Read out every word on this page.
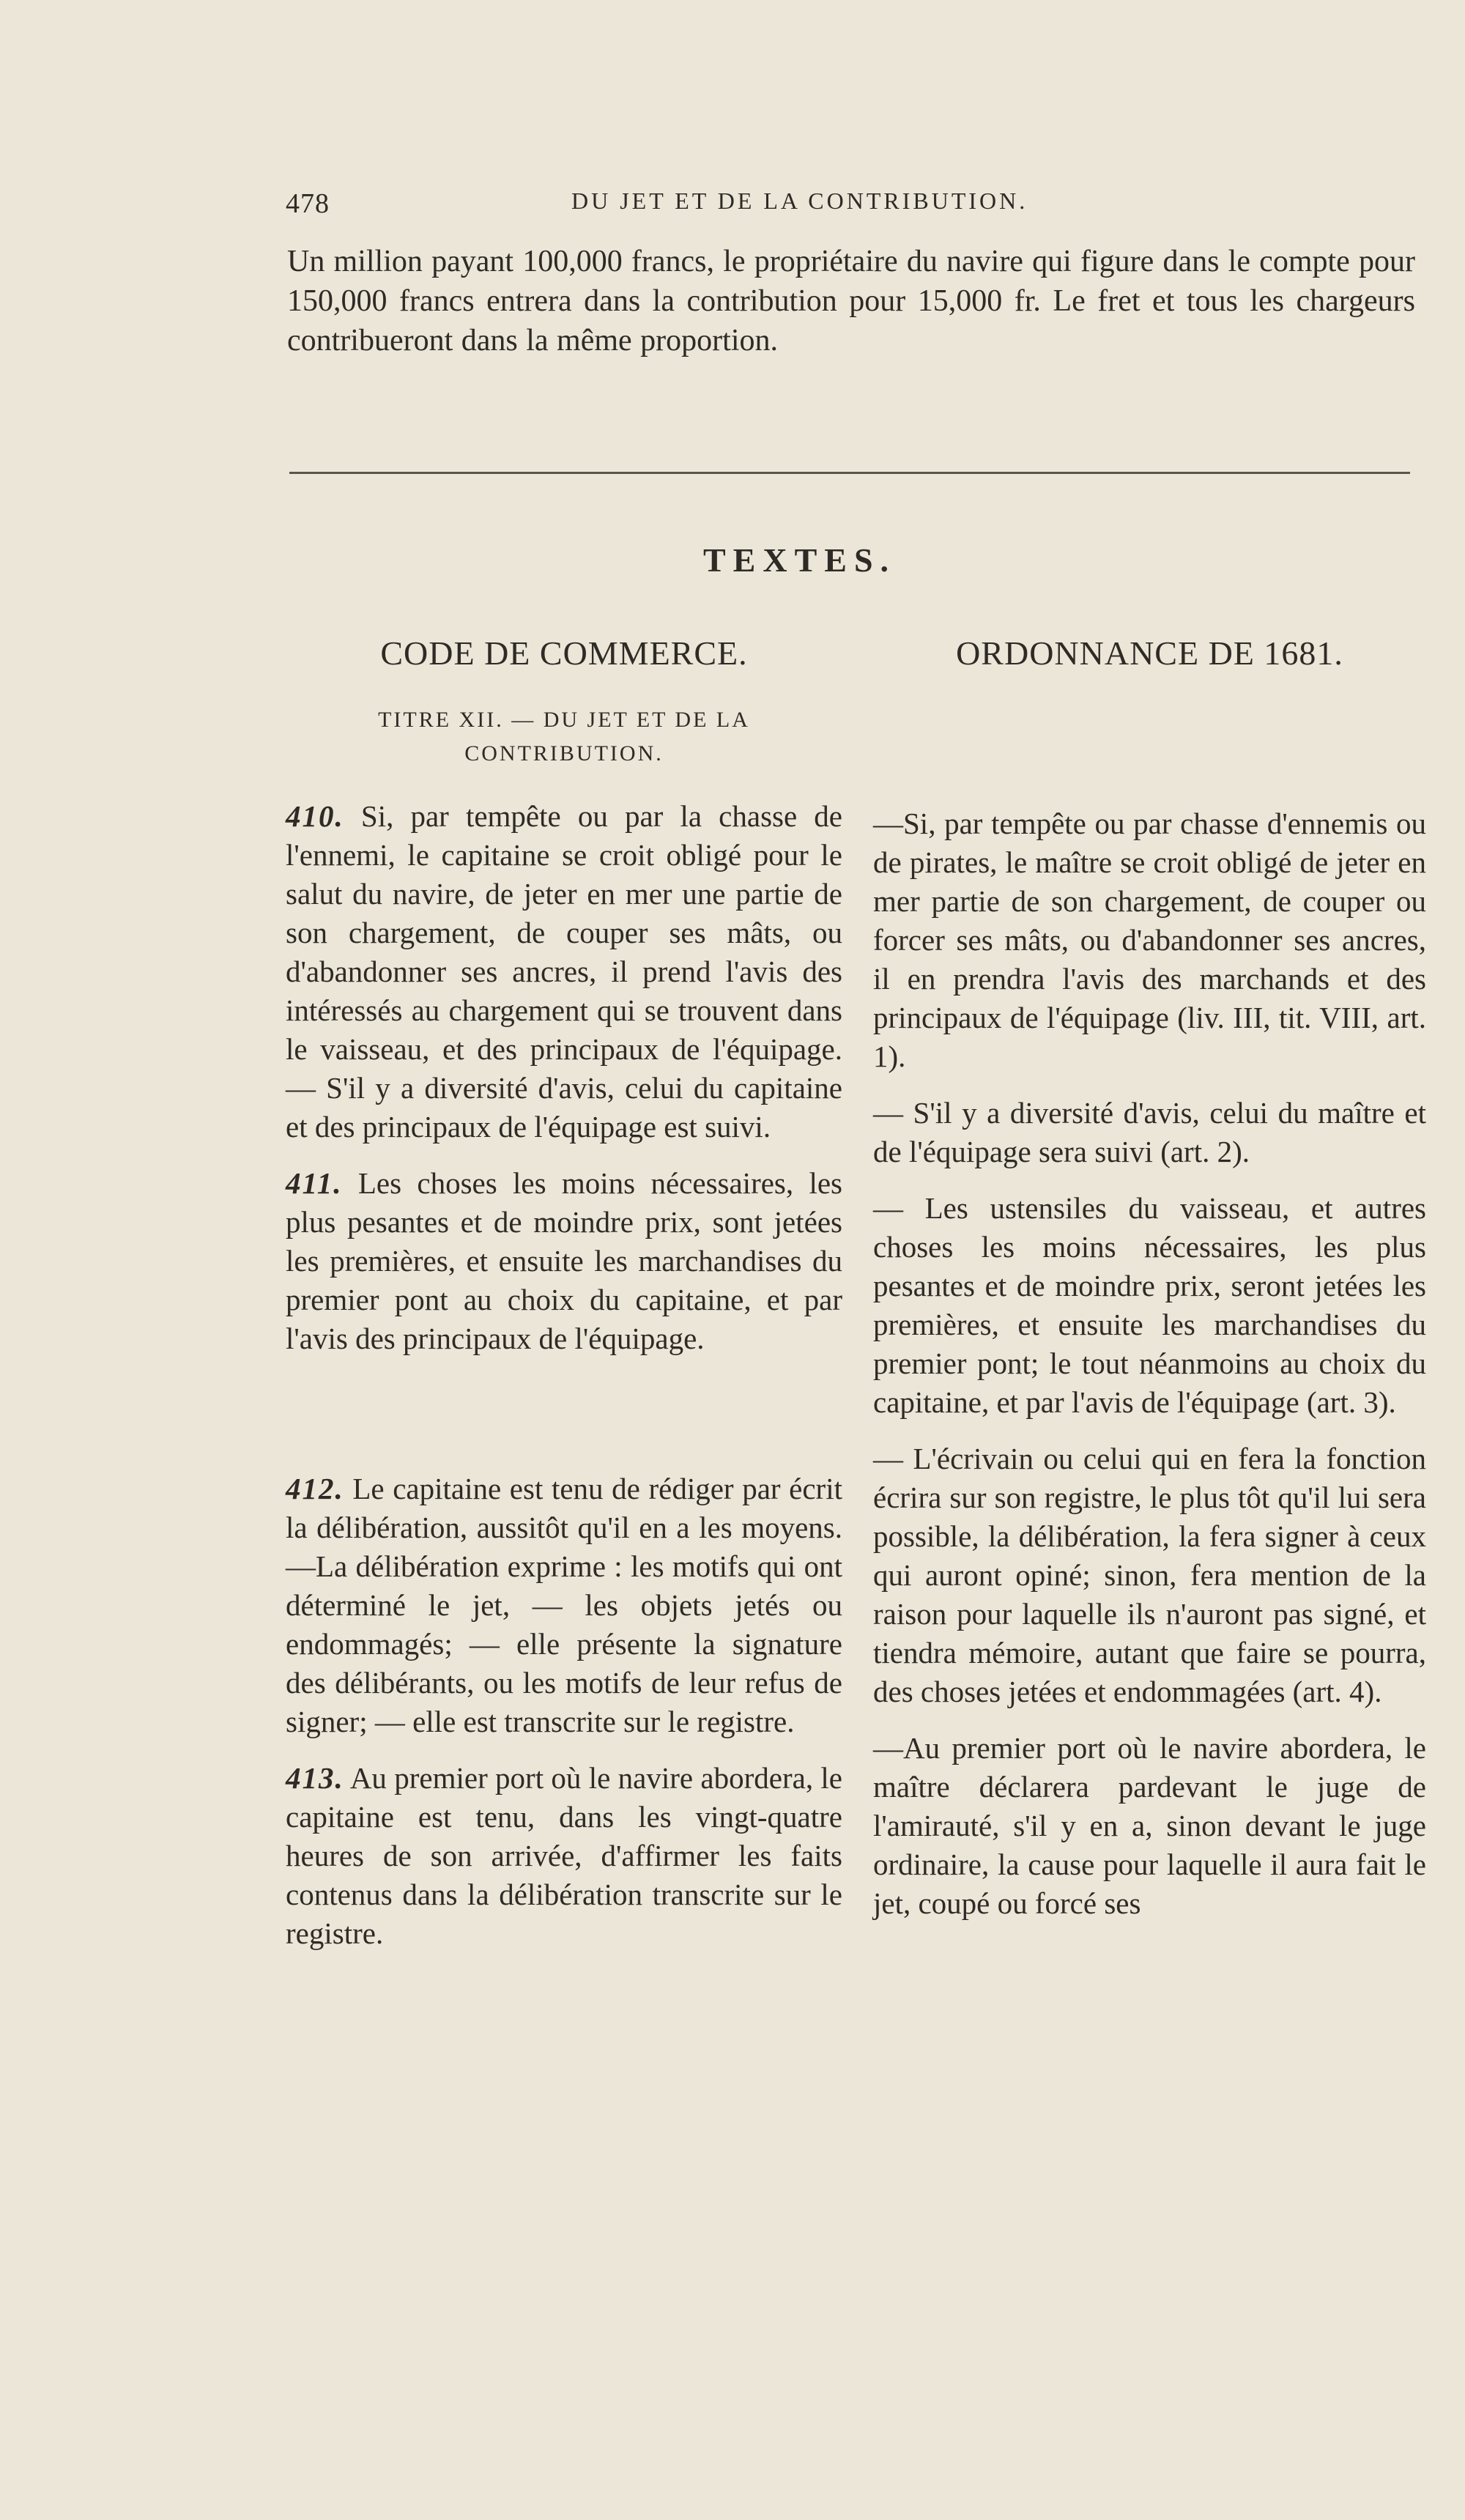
478	DU JET ET DE LA CONTRIBUTION.

Un million payant 100,000 francs, le propriétaire du navire qui figure dans le compte pour 150,000 francs entrera dans la contribution pour 15,000 fr. Le fret et tous les chargeurs contribueront dans la même proportion.

TEXTES.
CODE DE COMMERCE.
TITRE XII. — DU JET ET DE LA CONTRIBUTION.

410. Si, par tempête ou par la chasse de l'ennemi, le capitaine se croit obligé pour le salut du navire, de jeter en mer une partie de son chargement, de couper ses mâts, ou d'abandonner ses ancres, il prend l'avis des intéressés au chargement qui se trouvent dans le vaisseau, et des principaux de l'équipage. — S'il y a diversité d'avis, celui du capitaine et des principaux de l'équipage est suivi.

411. Les choses les moins nécessaires, les plus pesantes et de moindre prix, sont jetées les premières, et ensuite les marchandises du premier pont au choix du capitaine, et par l'avis des principaux de l'équipage.

412. Le capitaine est tenu de rédiger par écrit la délibération, aussitôt qu'il en a les moyens.—La délibération exprime : les motifs qui ont déterminé le jet, — les objets jetés ou endommagés; — elle présente la signature des délibérants, ou les motifs de leur refus de signer; — elle est transcrite sur le registre.

413. Au premier port où le navire abordera, le capitaine est tenu, dans les vingt-quatre heures de son arrivée, d'affirmer les faits contenus dans la délibération transcrite sur le registre.

ORDONNANCE DE 1681.

—Si, par tempête ou par chasse d'ennemis ou de pirates, le maître se croit obligé de jeter en mer partie de son chargement, de couper ou forcer ses mâts, ou d'abandonner ses ancres, il en prendra l'avis des marchands et des principaux de l'équipage (liv. III, tit. VIII, art. 1).

— S'il y a diversité d'avis, celui du maître et de l'équipage sera suivi (art. 2).

— Les ustensiles du vaisseau, et autres choses les moins nécessaires, les plus pesantes et de moindre prix, seront jetées les premières, et ensuite les marchandises du premier pont; le tout néanmoins au choix du capitaine, et par l'avis de l'équipage (art. 3).

— L'écrivain ou celui qui en fera la fonction écrira sur son registre, le plus tôt qu'il lui sera possible, la délibération, la fera signer à ceux qui auront opiné; sinon, fera mention de la raison pour laquelle ils n'auront pas signé, et tiendra mémoire, autant que faire se pourra, des choses jetées et endommagées (art. 4).

—Au premier port où le navire abordera, le maître déclarera pardevant le juge de l'amirauté, s'il y en a, sinon devant le juge ordinaire, la cause pour laquelle il aura fait le jet, coupé ou forcé ses
